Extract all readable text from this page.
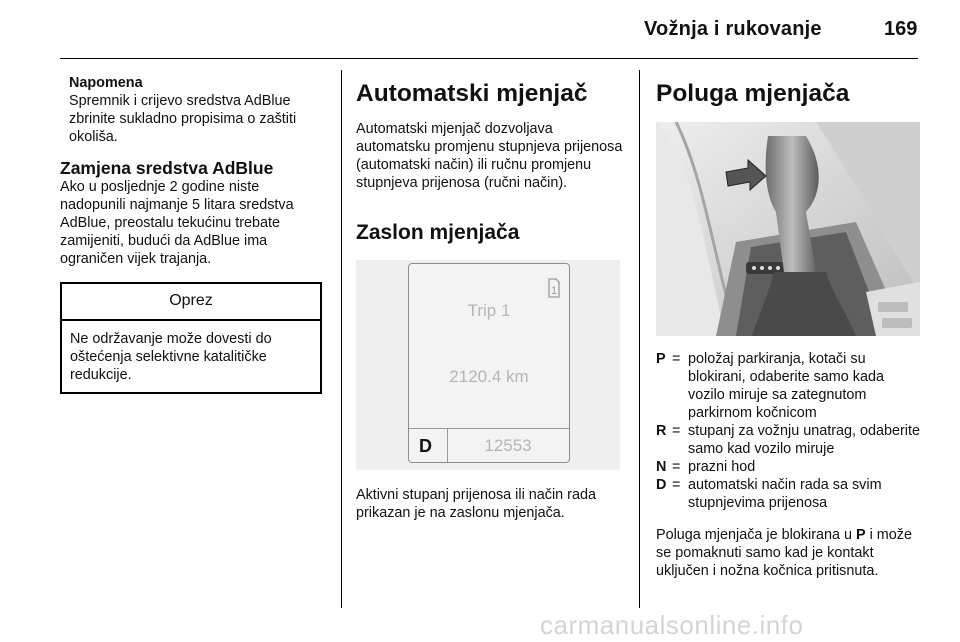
Vožnja i rukovanje	169
Napomena
Spremnik i crijevo sredstva AdBlue zbrinite sukladno propisima o zaštiti okoliša.
Zamjena sredstva AdBlue
Ako u posljednje 2 godine niste nadopunili najmanje 5 litara sredstva AdBlue, preostalu tekućinu trebate zamijeniti, budući da AdBlue ima ograničen vijek trajanja.
Oprez
Ne održavanje može dovesti do oštećenja selektivne katalitičke redukcije.
Automatski mjenjač
Automatski mjenjač dozvoljava automatsku promjenu stupnjeva prijenosa (automatski način) ili ručnu promjenu stupnjeva prijenosa (ručni način).
Zaslon mjenjača
1
Trip 1
2120.4 km
D	12553
Aktivni stupanj prijenosa ili način rada prikazan je na zaslonu mjenjača.
Poluga mjenjača
P = položaj parkiranja, kotači su blokirani, odaberite samo kada vozilo miruje sa zategnutom parkirnom kočnicom
R = stupanj za vožnju unatrag, odaberite samo kad vozilo miruje
N = prazni hod
D = automatski način rada sa svim stupnjevima prijenosa
Poluga mjenjača je blokirana u P i može se pomaknuti samo kad je kontakt uključen i nožna kočnica pritisnuta.
carmanualsonline.info
